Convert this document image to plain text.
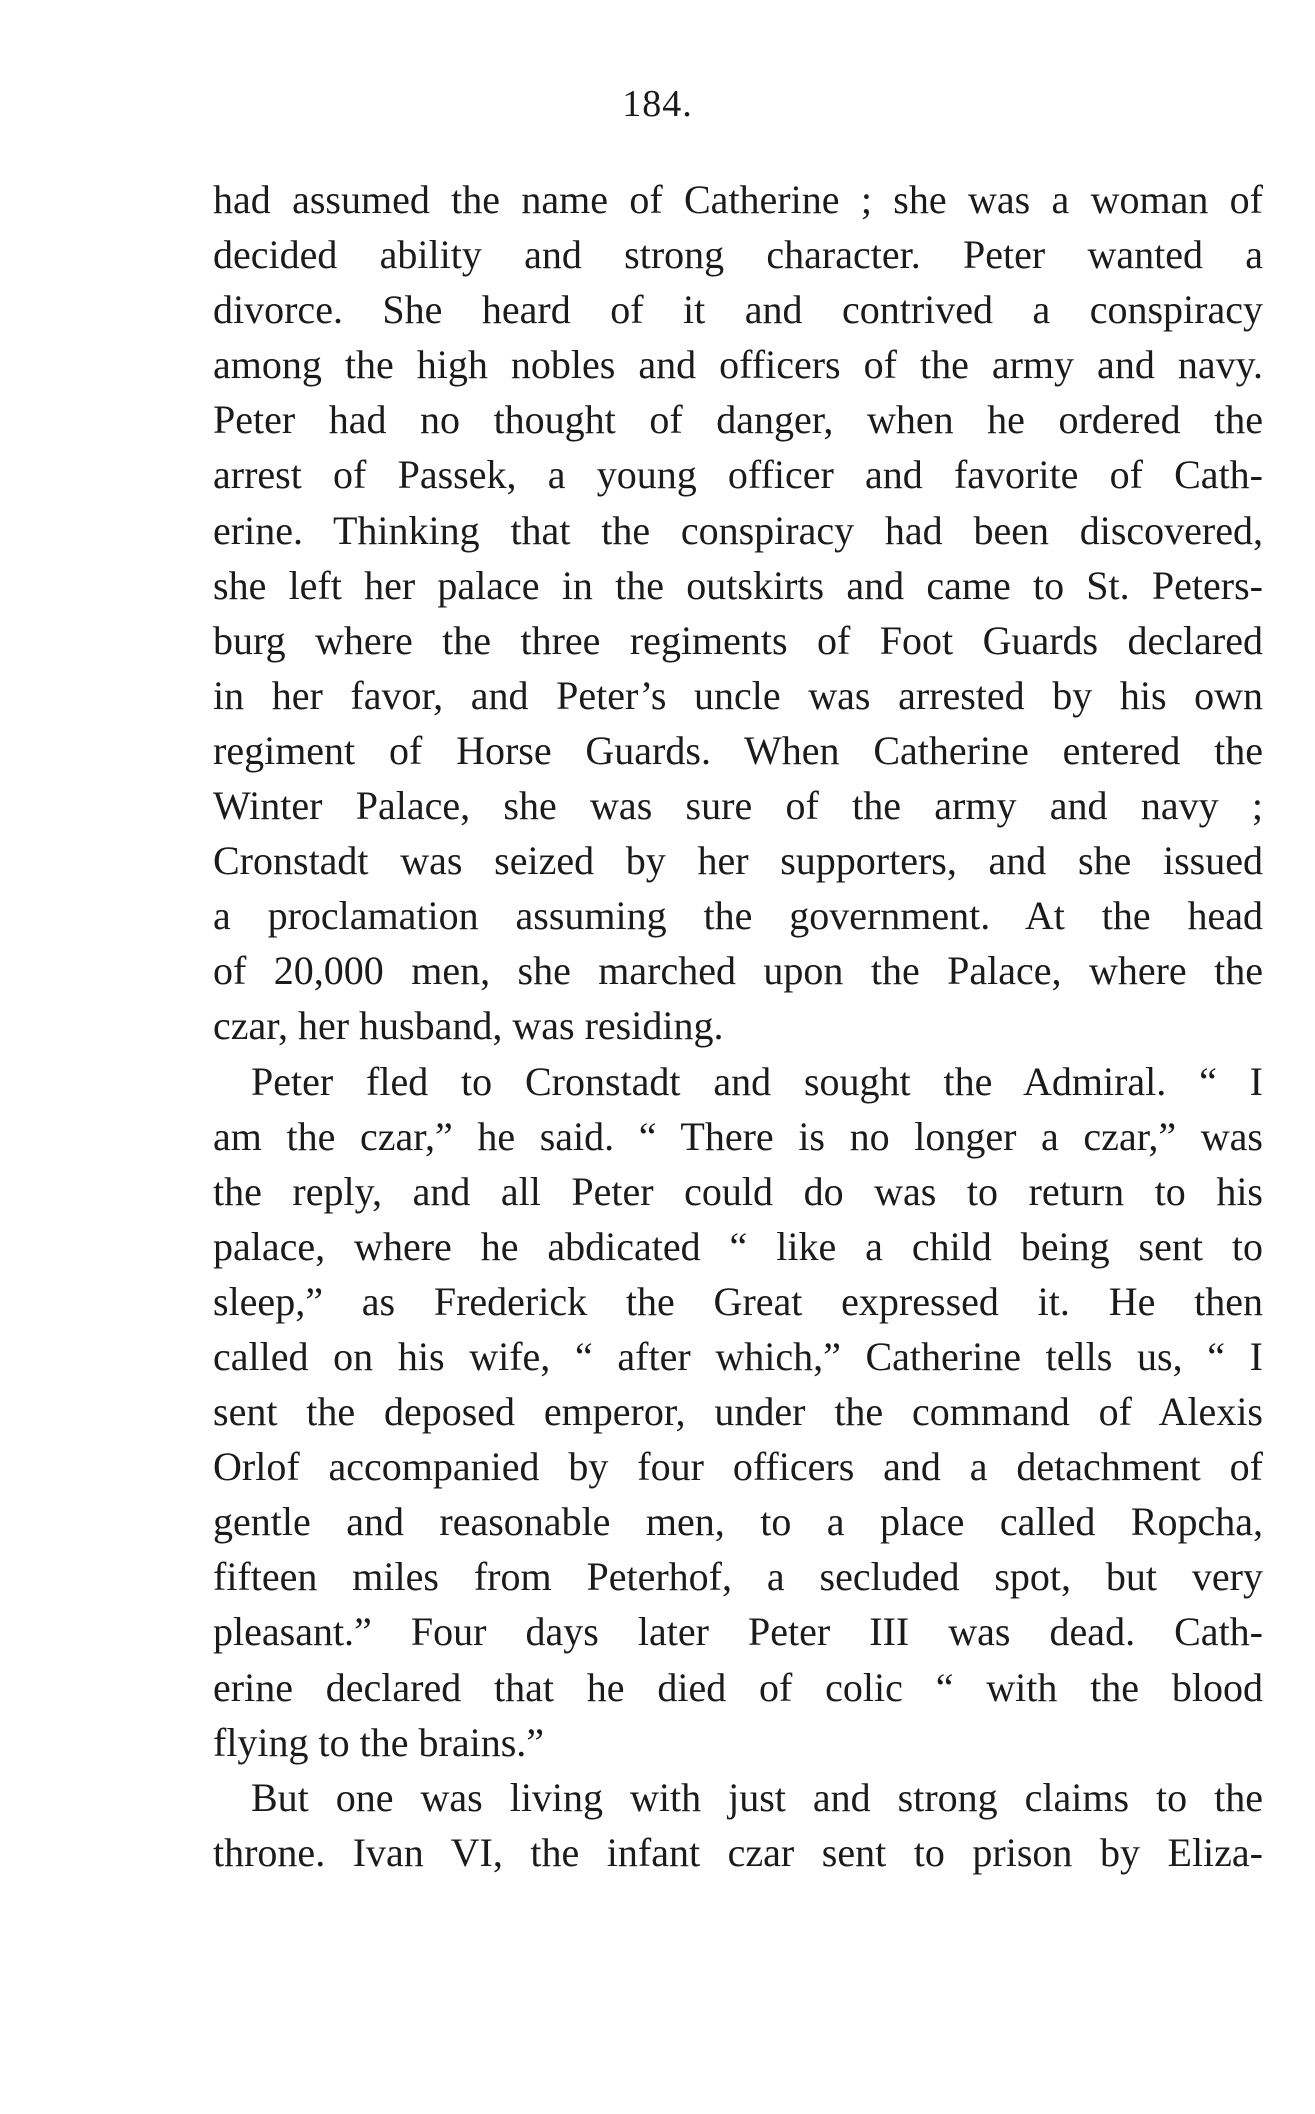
184.
had assumed the name of Catherine ; she was a woman of
decided ability and strong character. Peter wanted a
divorce. She heard of it and contrived a conspiracy
among the high nobles and officers of the army and navy.
Peter had no thought of danger, when he ordered the
arrest of Passek, a young officer and favorite of Cath-
erine. Thinking that the conspiracy had been discovered,
she left her palace in the outskirts and came to St. Peters-
burg where the three regiments of Foot Guards declared
in her favor, and Peter’s uncle was arrested by his own
regiment of Horse Guards. When Catherine entered the
Winter Palace, she was sure of the army and navy ;
Cronstadt was seized by her supporters, and she issued
a proclamation assuming the government. At the head
of 20,000 men, she marched upon the Palace, where the
czar, her husband, was residing.
Peter fled to Cronstadt and sought the Admiral. “ I
am the czar,” he said. “ There is no longer a czar,” was
the reply, and all Peter could do was to return to his
palace, where he abdicated “ like a child being sent to
sleep,” as Frederick the Great expressed it. He then
called on his wife, “ after which,” Catherine tells us, “ I
sent the deposed emperor, under the command of Alexis
Orlof accompanied by four officers and a detachment of
gentle and reasonable men, to a place called Ropcha,
fifteen miles from Peterhof, a secluded spot, but very
pleasant.” Four days later Peter III was dead. Cath-
erine declared that he died of colic “ with the blood
flying to the brains.”
But one was living with just and strong claims to the
throne. Ivan VI, the infant czar sent to prison by Eliza-
